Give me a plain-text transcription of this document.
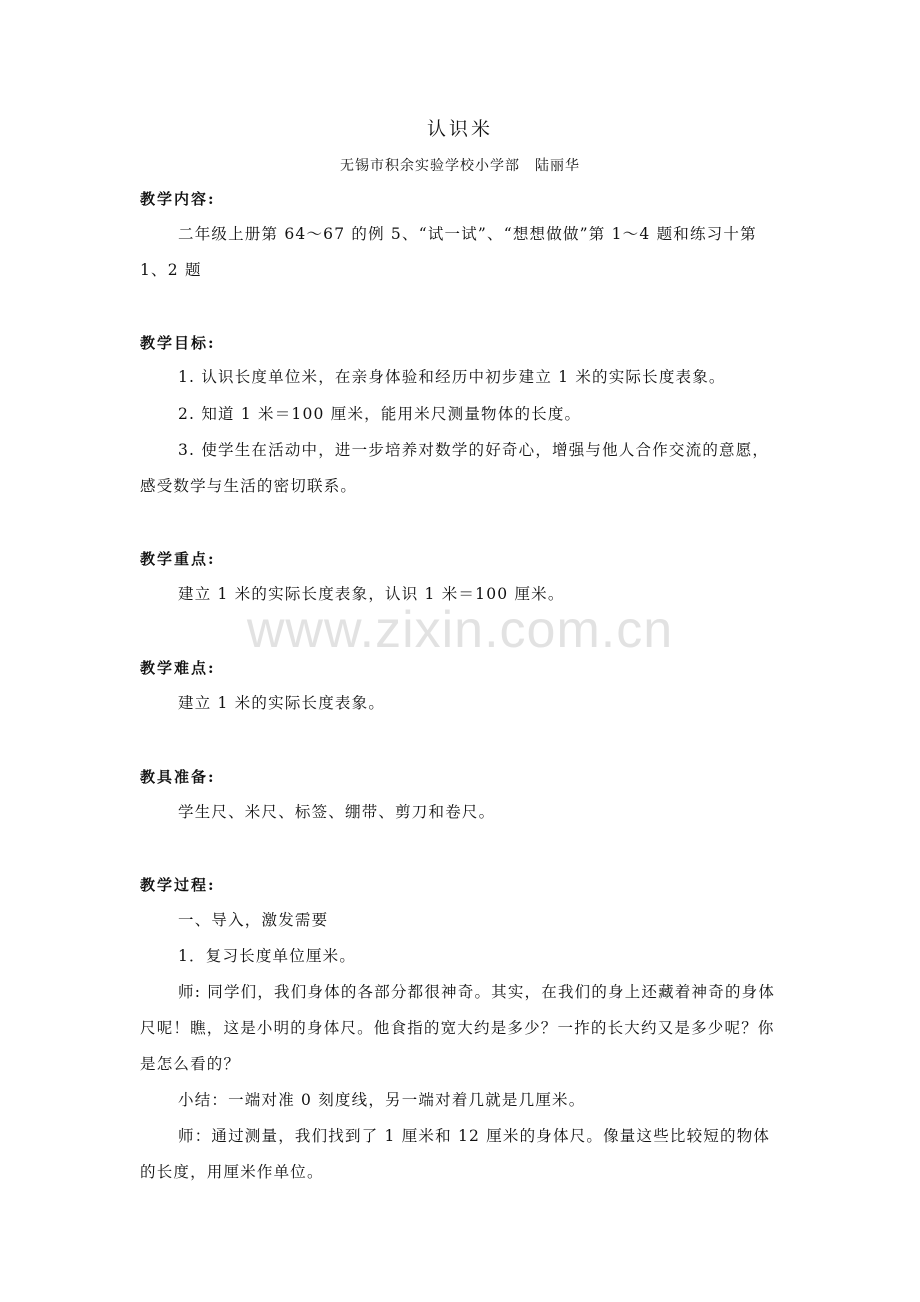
认识米
无锡市积余实验学校小学部　陆丽华
教学内容:
二年级上册第 64～67 的例 5、“试一试”、“想想做做”第 1～4 题和练习十第 1、2 题
教学目标:
1. 认识长度单位米，在亲身体验和经历中初步建立 1 米的实际长度表象。
2. 知道 1 米＝100 厘米，能用米尺测量物体的长度。
3. 使学生在活动中，进一步培养对数学的好奇心，增强与他人合作交流的意愿，感受数学与生活的密切联系。
教学重点:
建立 1 米的实际长度表象，认识 1 米＝100 厘米。
教学难点:
建立 1 米的实际长度表象。
教具准备:
学生尺、米尺、标签、绷带、剪刀和卷尺。
教学过程:
一、导入，激发需要
1．复习长度单位厘米。
师: 同学们，我们身体的各部分都很神奇。其实，在我们的身上还藏着神奇的身体尺呢！瞧，这是小明的身体尺。他食指的宽大约是多少？一拃的长大约又是多少呢？你是怎么看的？
小结：一端对准 0 刻度线，另一端对着几就是几厘米。
师：通过测量，我们找到了 1 厘米和 12 厘米的身体尺。像量这些比较短的物体的长度，用厘米作单位。
www.zixin.com.cn
